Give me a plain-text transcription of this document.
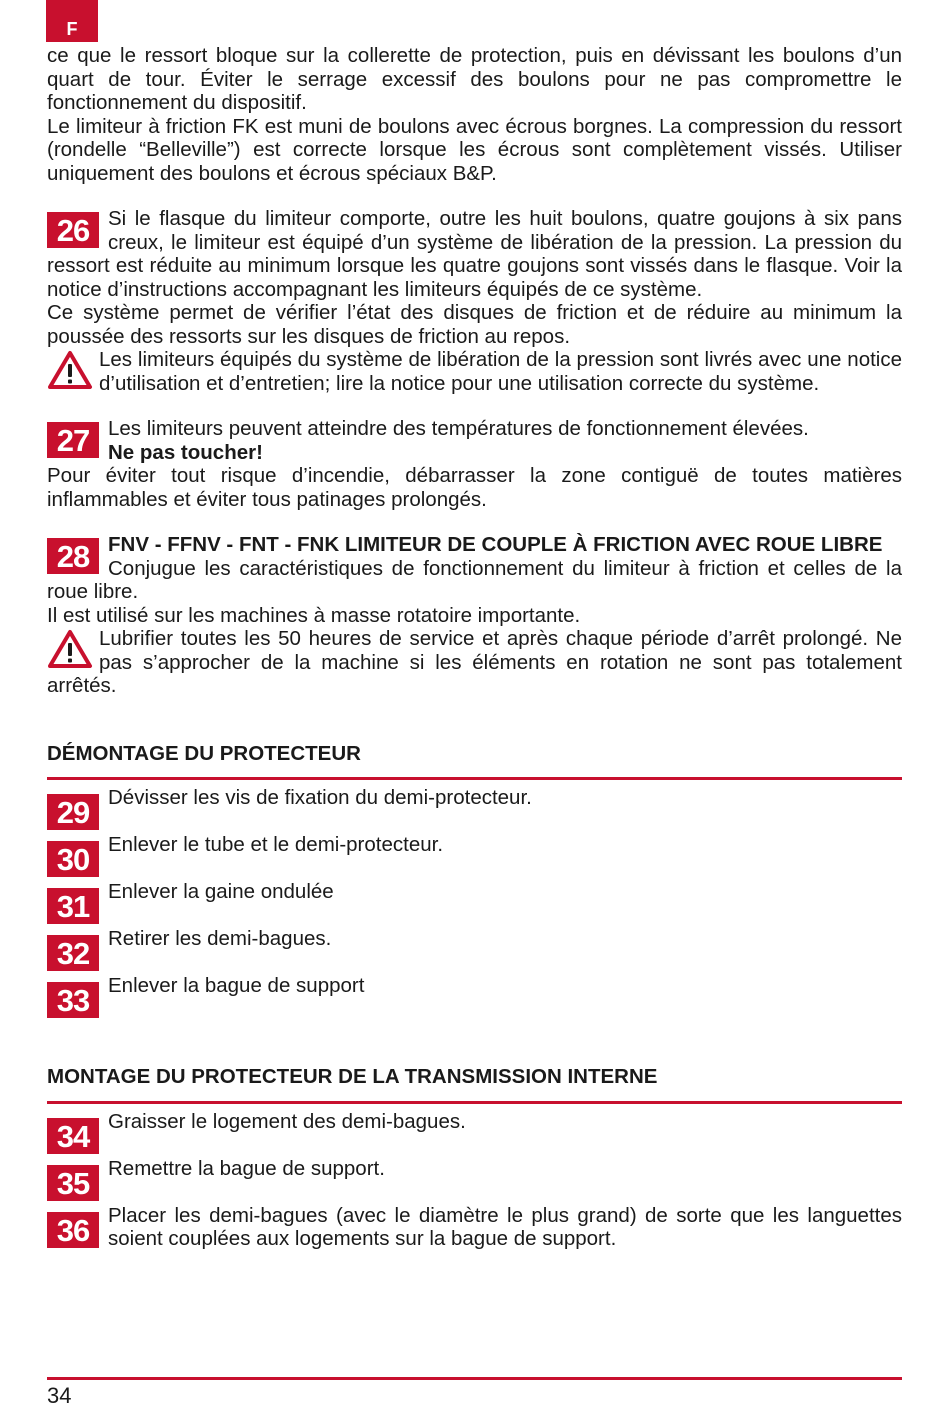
F

ce que le ressort bloque sur la collerette de protection, puis en dévissant les boulons d’un quart de tour. Éviter le serrage excessif des boulons pour ne pas compromettre le fonctionnement du dispositif.

Le limiteur à friction FK est muni de boulons avec écrous borgnes. La compression du ressort (rondelle “Belleville”) est correcte lorsque les écrous sont complètement vissés. Utiliser uniquement des boulons et écrous spéciaux B&P.

26 Si le flasque du limiteur comporte, outre les huit boulons, quatre goujons à six pans creux, le limiteur est équipé d’un système de libération de la pression. La pression du ressort est réduite au minimum lorsque les quatre goujons sont vissés dans le flasque. Voir la notice d’instructions accompagnant les limiteurs équipés de ce système.

Ce système permet de vérifier l’état des disques de friction et de réduire au minimum la poussée des ressorts sur les disques de friction au repos.

Les limiteurs équipés du système de libération de la pression sont livrés avec une notice d’utilisation et d’entretien; lire la notice pour une utilisation correcte du système.

27 Les limiteurs peuvent atteindre des températures de fonctionnement élevées.
Ne pas toucher!

Pour éviter tout risque d’incendie, débarrasser la zone contiguë de toutes matières inflammables et éviter tous patinages prolongés.

28 FNV - FFNV - FNT - FNK LIMITEUR DE COUPLE À FRICTION AVEC ROUE LIBRE

Conjugue les caractéristiques de fonctionnement du limiteur à friction et celles de la roue libre.

Il est utilisé sur les machines à masse rotatoire importante.

Lubrifier toutes les 50 heures de service et après chaque période d’arrêt prolongé. Ne pas s’approcher de la machine si les éléments en rotation ne sont pas totalement arrêtés.

DÉMONTAGE DU PROTECTEUR
29 Dévisser les vis de fixation du demi-protecteur.

30 Enlever le tube et le demi-protecteur.

31 Enlever la gaine ondulée

32 Retirer les demi-bagues.

33 Enlever la bague de support

MONTAGE DU PROTECTEUR DE LA TRANSMISSION INTERNE
34 Graisser le logement des demi-bagues.

35 Remettre la bague de support.

36 Placer les demi-bagues (avec le diamètre le plus grand) de sorte que les languettes soient couplées aux logements sur la bague de support.

34
